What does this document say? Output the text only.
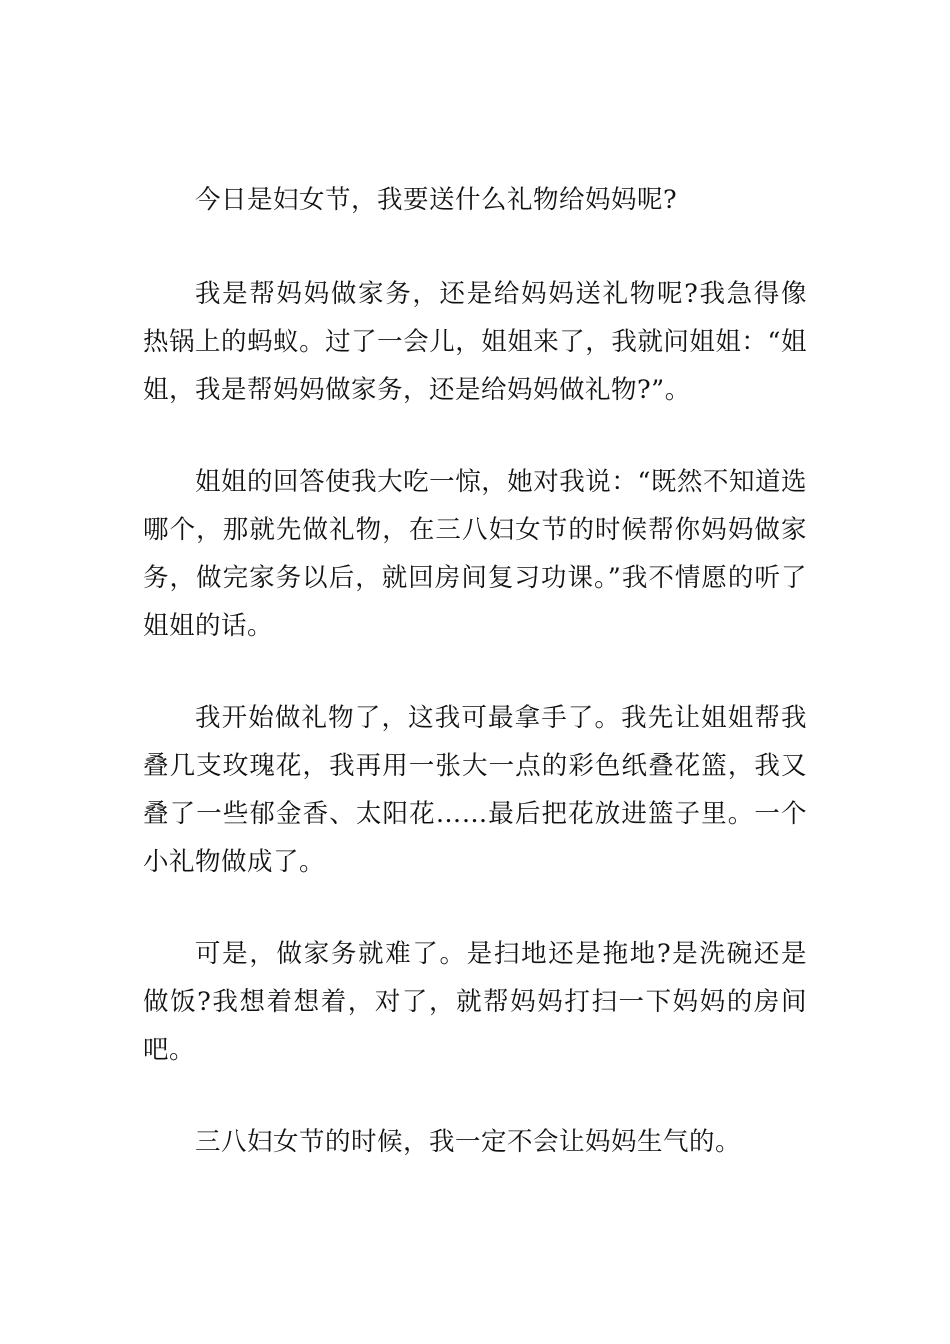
今日是妇女节，我要送什么礼物给妈妈呢?

我是帮妈妈做家务，还是给妈妈送礼物呢?我急得像热锅上的蚂蚁。过了一会儿，姐姐来了，我就问姐姐：“姐姐，我是帮妈妈做家务，还是给妈妈做礼物?”。

姐姐的回答使我大吃一惊，她对我说：“既然不知道选哪个，那就先做礼物，在三八妇女节的时候帮你妈妈做家务，做完家务以后，就回房间复习功课。”我不情愿的听了姐姐的话。

我开始做礼物了，这我可最拿手了。我先让姐姐帮我叠几支玫瑰花，我再用一张大一点的彩色纸叠花篮，我又叠了一些郁金香、太阳花……最后把花放进篮子里。一个小礼物做成了。

可是，做家务就难了。是扫地还是拖地?是洗碗还是做饭?我想着想着，对了，就帮妈妈打扫一下妈妈的房间吧。

三八妇女节的时候，我一定不会让妈妈生气的。
